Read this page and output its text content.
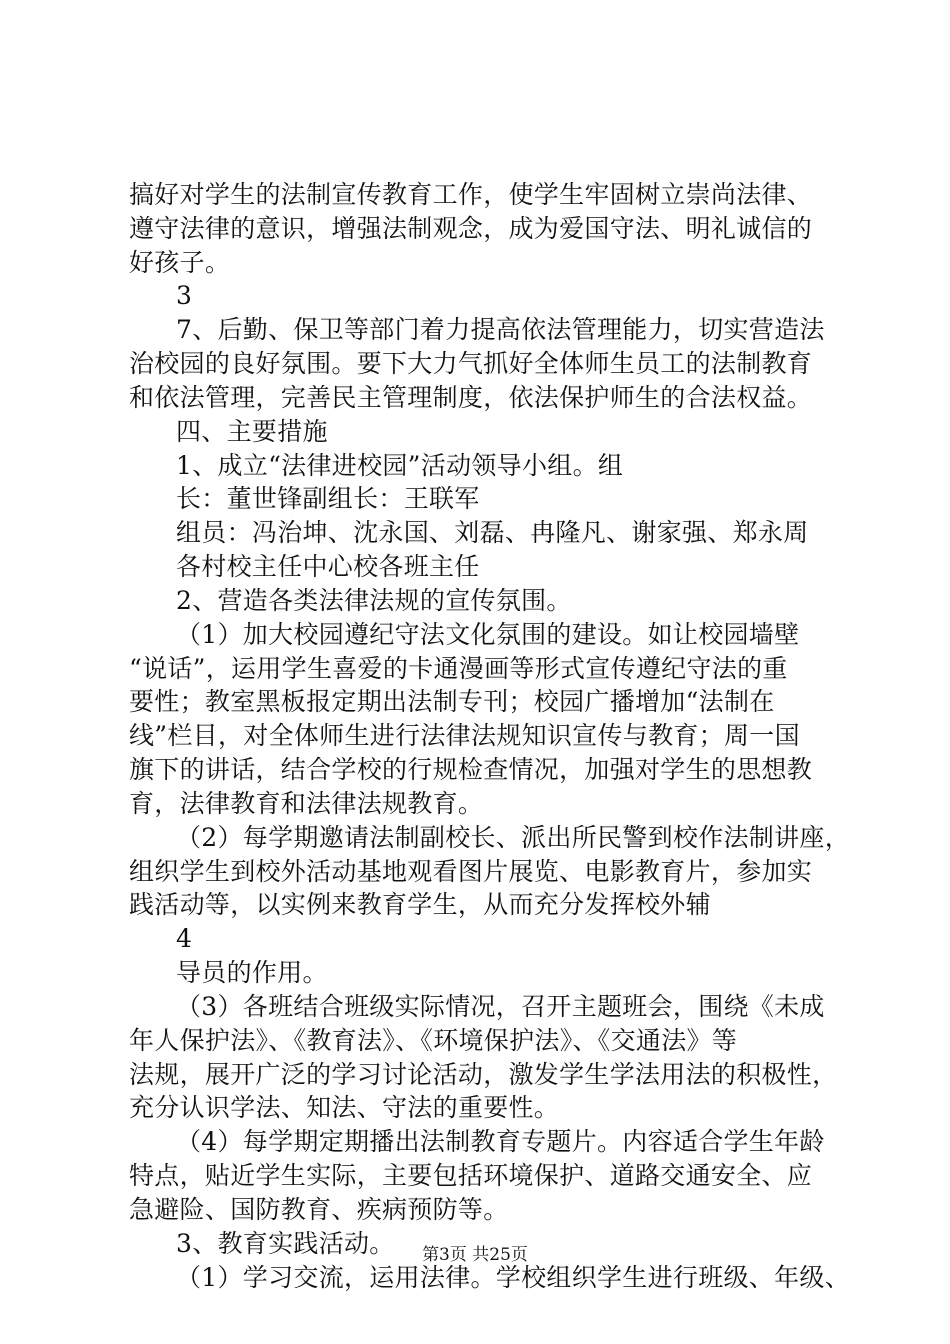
搞好对学生的法制宣传教育工作，使学生牢固树立崇尚法律、
遵守法律的意识，增强法制观念，成为爱国守法、明礼诚信的
好孩子。
3
7、后勤、保卫等部门着力提高依法管理能力，切实营造法
治校园的良好氛围。要下大力气抓好全体师生员工的法制教育
和依法管理，完善民主管理制度，依法保护师生的合法权益。
四、主要措施
1、成立“法律进校园”活动领导小组。组
长：董世锋副组长：王联军
组员：冯治坤、沈永国、刘磊、冉隆凡、谢家强、郑永周
各村校主任中心校各班主任
2、营造各类法律法规的宣传氛围。
（1）加大校园遵纪守法文化氛围的建设。如让校园墙壁
“说话”，运用学生喜爱的卡通漫画等形式宣传遵纪守法的重
要性；教室黑板报定期出法制专刊；校园广播增加“法制在
线”栏目，对全体师生进行法律法规知识宣传与教育；周一国
旗下的讲话，结合学校的行规检查情况，加强对学生的思想教
育，法律教育和法律法规教育。
（2）每学期邀请法制副校长、派出所民警到校作法制讲座，
组织学生到校外活动基地观看图片展览、电影教育片，参加实
践活动等，以实例来教育学生，从而充分发挥校外辅
4
导员的作用。
（3）各班结合班级实际情况，召开主题班会，围绕《未成
年人保护法》、《教育法》、《环境保护法》、《交通法》等
法规，展开广泛的学习讨论活动，激发学生学法用法的积极性，
充分认识学法、知法、守法的重要性。
（4）每学期定期播出法制教育专题片。内容适合学生年龄
特点，贴近学生实际，主要包括环境保护、道路交通安全、应
急避险、国防教育、疾病预防等。
3、教育实践活动。
（1）学习交流，运用法律。学校组织学生进行班级、年级、
第3页 共25页
